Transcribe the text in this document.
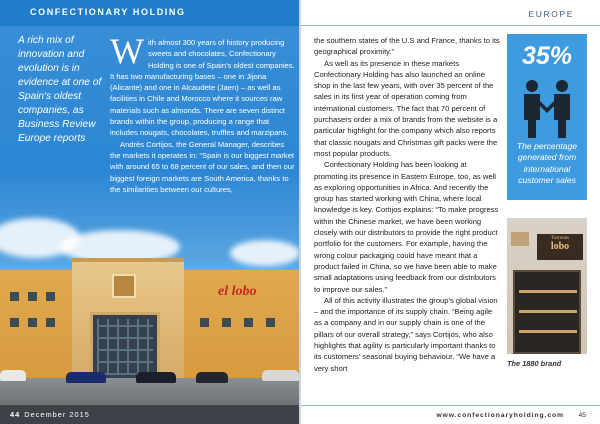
CONFECTIONARY HOLDING
A rich mix of innovation and evolution is in evidence at one of Spain's oldest companies, as Business Review Europe reports

With almost 300 years of history producing sweets and chocolates, Confectionary Holding is one of Spain's oldest companies. It has two manufacturing bases – one in Jijona (Alicante) and one in Alcaudete (Jaen) – as well as facilities in Chile and Morocco where it sources raw materials such as almonds. There are seven distinct brands within the group, producing a range that includes nougats, chocolates, truffles and marzipans.

Andrés Cortijos, the General Manager, describes the markets it operates in: “Spain is our biggest market with around 65 to 68 percent of our sales, and then our biggest foreign markets are South America, thanks to the similarities between our cultures,

el lobo
44 December 2015
EUROPE

the southern states of the U.S and France, thanks to its geographical proximity.”

As well as its presence in these markets Confectionary Holding has also launched an online shop in the last few years, with over 35 percent of the sales in its first year of operation coming from international customers. The fact that 70 percent of purchasers order a mix of brands from the website is a particular highlight for the company which also reports that classic nougats and Christmas gift packs were the most popular products.

Confectionary Holding has been looking at promoting its presence in Eastern Europe, too, as well as exploring opportunities in Africa. And recently the group has started working with China, where local knowledge is key. Cortijos explains: “To make progress within the Chinese market, we have been working closely with our distributors to provide the right product portfolio for the customers. For example, having the wrong colour packaging could have meant that a product failed in China, so we have been able to make small adaptations using feedback from our distributors to improve our sales.”

All of this activity illustrates the group's global vision – and the importance of its supply chain. “Being agile as a company and in our supply chain is one of the pillars of our overall strategy,” says Cortijos, who also highlights that agility is particularly important thanks to its customers' seasonal buying behaviour. “We have a very short

35%
The percentage generated from international customer sales
Turrones
lobo
The 1880 brand
www.confectionaryholding.com 45
